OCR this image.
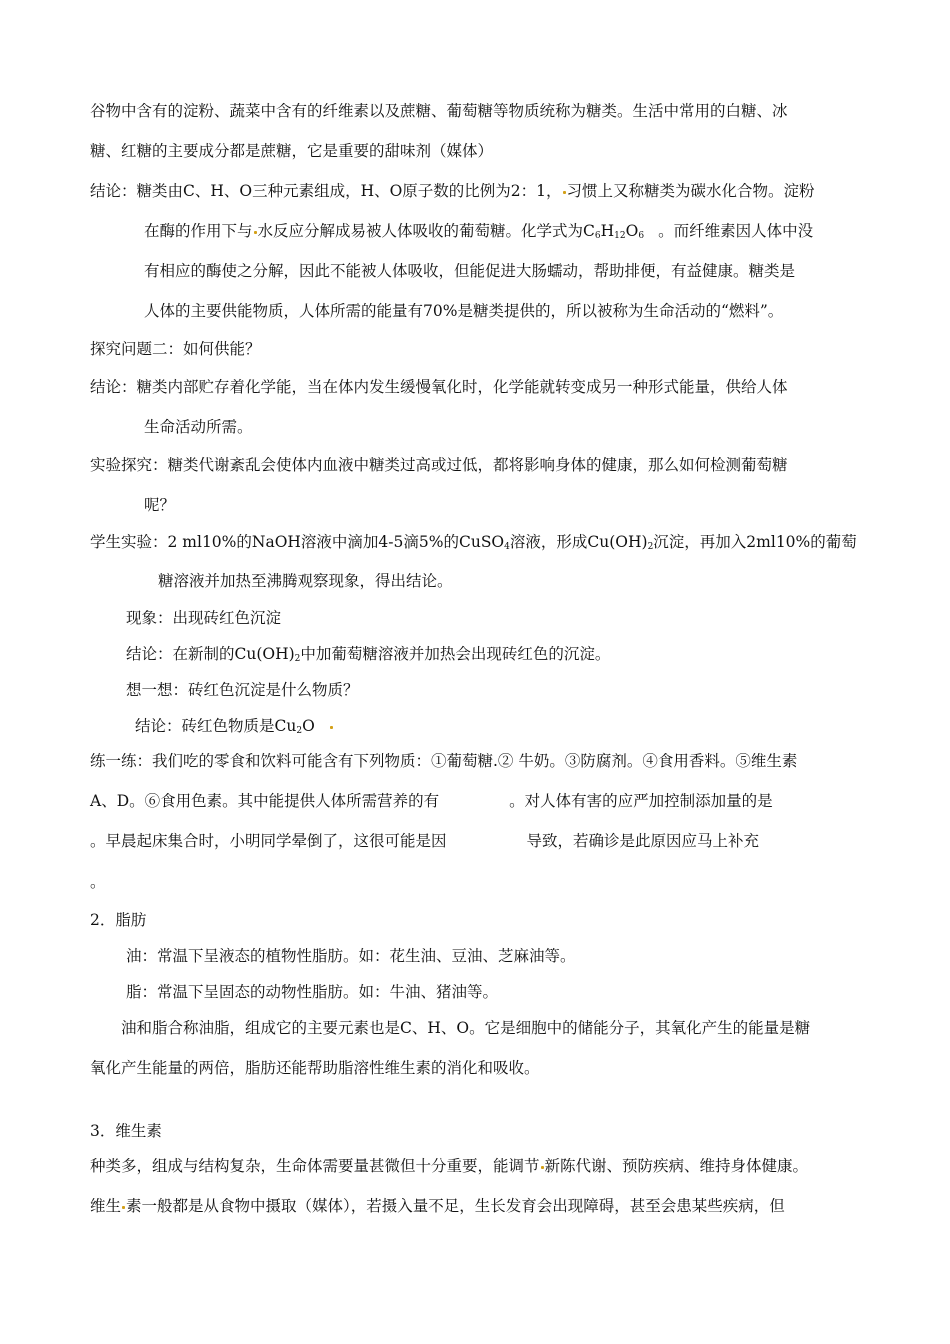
谷物中含有的淀粉、蔬菜中含有的纤维素以及蔗糖、葡萄糖等物质统称为糖类。生活中常用的白糖、冰
糖、红糖的主要成分都是蔗糖，它是重要的甜味剂（媒体）
结论：糖类由C、H、O三种元素组成，H、O原子数的比例为2：1， 习惯上又称糖类为碳水化合物。淀粉
在酶的作用下与 水反应分解成易被人体吸收的葡萄糖。化学式为$C_6H_{12}O_6$ 。而纤维素因人体中没
有相应的酶使之分解，因此不能被人体吸收，但能促进大肠蠕动，帮助排便，有益健康。糖类是
人体的主要供能物质，人体所需的能量有70%是糖类提供的，所以被称为生命活动的“燃料”。
探究问题二：如何供能？
结论：糖类内部贮存着化学能，当在体内发生缓慢氧化时，化学能就转变成另一种形式能量，供给人体
生命活动所需。
实验探究：糖类代谢紊乱会使体内血液中糖类过高或过低，都将影响身体的健康，那么如何检测葡萄糖
呢？
学生实验：2 ml10%的NaOH溶液中滴加4-5滴5%的CuSO$_4$溶液，形成$Cu(OH)_2$沉淀，再加入2ml10%的葡萄
糖溶液并加热至沸腾观察现象，得出结论。
现象：出现砖红色沉淀
结论：在新制的$Cu(OH)_2$中加葡萄糖溶液并加热会出现砖红色的沉淀。
想一想：砖红色沉淀是什么物质？
结论：砖红色物质是$Cu_2O$
练一练：我们吃的零食和饮料可能含有下列物质：①葡萄糖.② 牛奶。③防腐剂。④食用香料。⑤维生素
A、D。⑥食用色素。其中能提供人体所需营养的有	。对人体有害的应严加控制添加量的是
。早晨起床集合时，小明同学晕倒了，这很可能是因	导致，若确诊是此原因应马上补充
。
2．脂肪
油：常温下呈液态的植物性脂肪。如：花生油、豆油、芝麻油等。
脂：常温下呈固态的动物性脂肪。如：牛油、猪油等。
油和脂合称油脂，组成它的主要元素也是C、H、O。它是细胞中的储能分子，其氧化产生的能量是糖
氧化产生能量的两倍，脂肪还能帮助脂溶性维生素的消化和吸收。
3．维生素
种类多，组成与结构复杂，生命体需要量甚微但十分重要，能调节 新陈代谢、预防疾病、维持身体健康。
维生 素一般都是从食物中摄取（媒体），若摄入量不足，生长发育会出现障碍，甚至会患某些疾病，但
